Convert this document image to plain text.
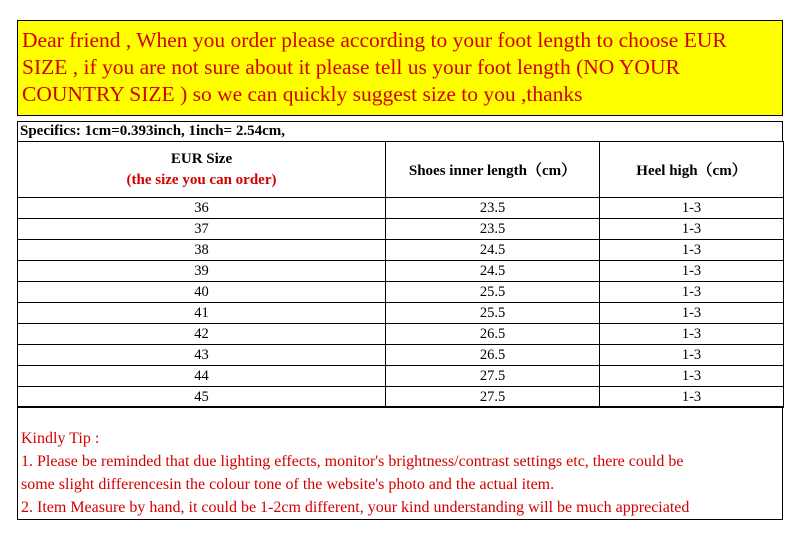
Dear friend , When you order please according to your foot length to choose EUR
SIZE , if you are not sure about it please tell us your foot length (NO YOUR
COUNTRY SIZE ) so we can quickly suggest size to you ,thanks
Specifics: 1cm=0.393inch, 1inch= 2.54cm,
EUR Size
(the size you can order)	Shoes inner length（cm）	Heel high（cm）
36	23.5	1-3
37	23.5	1-3
38	24.5	1-3
39	24.5	1-3
40	25.5	1-3
41	25.5	1-3
42	26.5	1-3
43	26.5	1-3
44	27.5	1-3
45	27.5	1-3
Kindly Tip :
1. Please be reminded that due lighting effects, monitor's brightness/contrast settings etc, there could be
some slight differencesin the colour tone of the website's photo and the actual item.
2. Item Measure by hand, it could be 1-2cm different, your kind understanding will be much appreciated
